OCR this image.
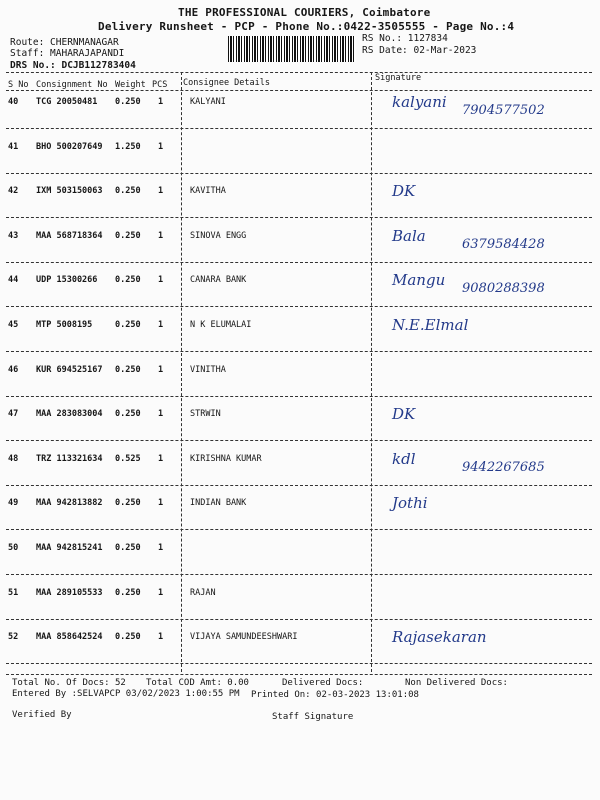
THE PROFESSIONAL COURIERS, Coimbatore
Delivery Runsheet - PCP - Phone No.:0422-3505555 - Page No.:4
Route: CHERNMANAGAR
Staff: MAHARAJAPANDI
DRS No.: DCJB112783404
RS No.: 1127834
RS Date: 02-Mar-2023
S No Consignment No Weight PCS Consignee Details	Signature
40 TCG 20050481 0.250 1	KALYANI	kalyani 7904577502
41 BHO 500207649 1.250 1
42 IXM 503150063 0.250 1	KAVITHA	DK
43 MAA 568718364 0.250 1	SINOVA ENGG	Bala	6379584428
44 UDP 15300266 0.250 1	CANARA BANK	Mangu 9080288398
45 MTP 5008195	0.250 1	N K ELUMALAI	N.E.Elmal
46 KUR 694525167 0.250 1	VINITHA
47 MAA 283083004 0.250 1	STRWIN	DK
48 TRZ 113321634 0.525 1	KIRISHNA KUMAR	kdl	9442267685
49 MAA 942813882 0.250 1	INDIAN BANK	Jothi
50 MAA 942815241 0.250 1
51 MAA 289105533 0.250 1	RAJAN
52 MAA 858642524 0.250 1	VIJAYA SAMUNDEESHWARI	Rajasekaran
Total No. Of Docs: 52 Total COD Amt: 0.00	Delivered Docs:	Non Delivered Docs:
Entered By :SELVAPCP 03/02/2023 1:00:55 PM Printed On: 02-03-2023 13:01:08
Verified By	Staff Signature
